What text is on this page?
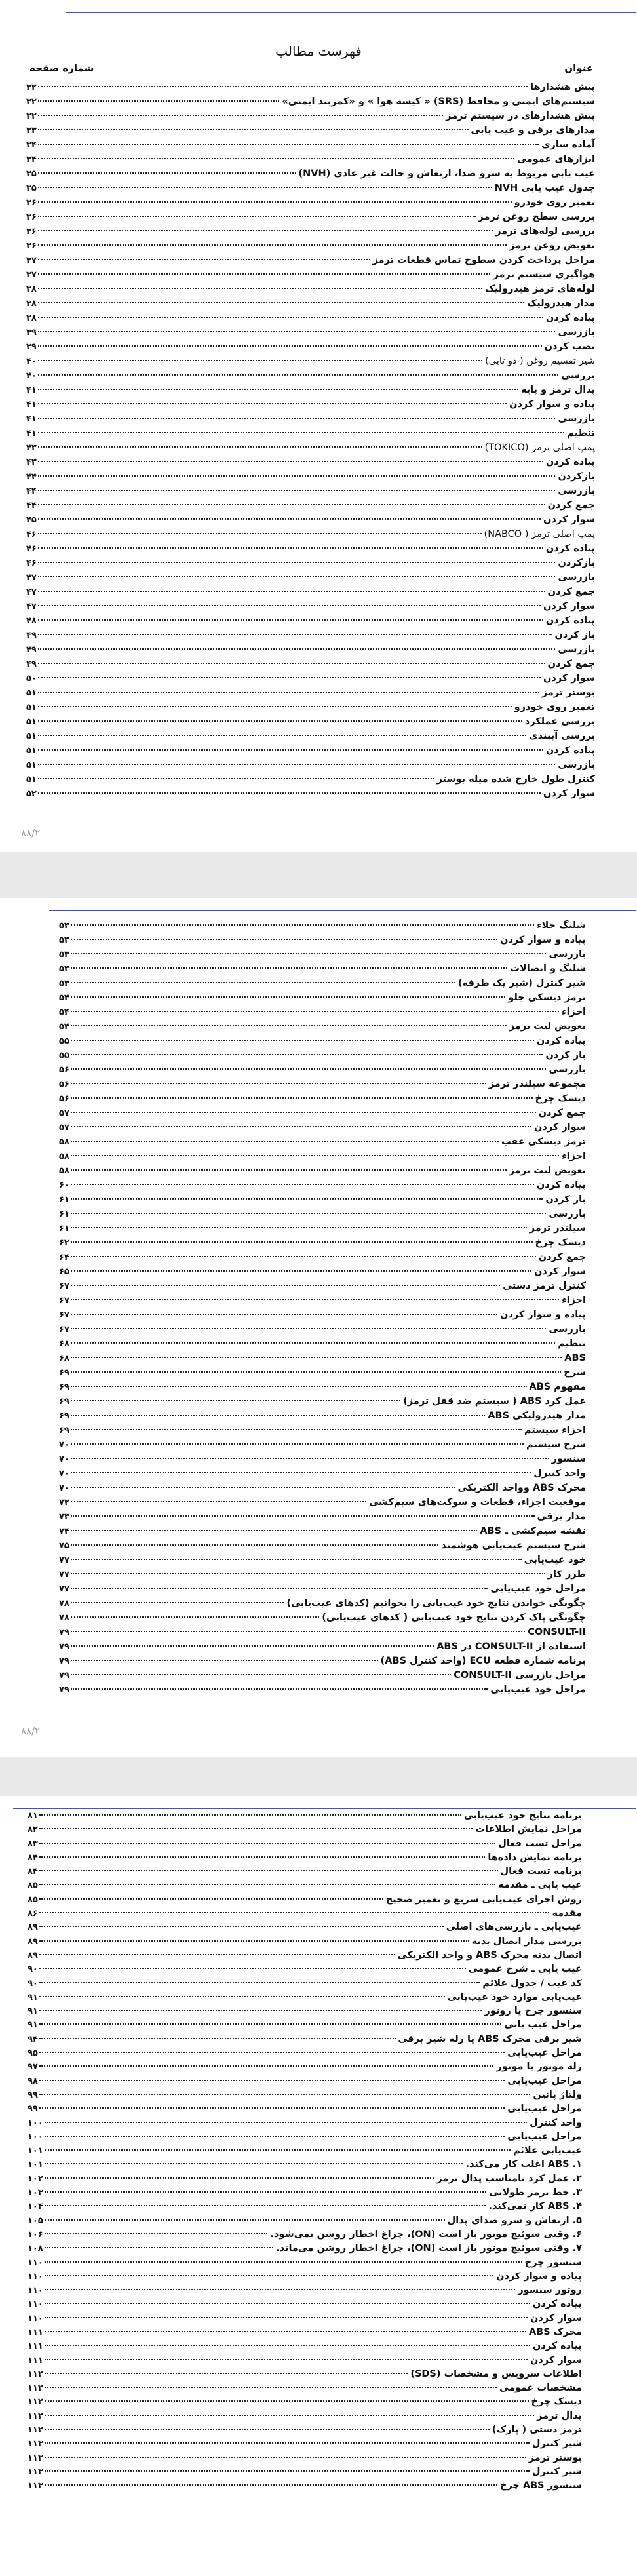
فهرست مطالب
عنوان
شماره صفحه
پیش هشدارها
۳۲
سیستم‌های ایمنی و محافظ (SRS) « کیسه هوا » و «کمربند ایمنی»
۳۲
پیش هشدارهای در سیستم ترمز
۳۲
مدارهای برقی و عیب یابی
۳۳
آماده سازی
۳۴
ابزارهای عمومی
۳۴
عیب یابی مربوط به سرو صدا، ارتعاش و حالت غیر عادی (NVH)
۳۵
جدول عیب یابی NVH
۳۵
تعمیر روی خودرو
۳۶
بررسی سطح روغن ترمز
۳۶
بررسی لوله‌های ترمز
۳۶
تعویض روغن ترمز
۳۶
مراحل پرداخت کردن سطوح تماس قطعات ترمز
۳۷
هواگیری سیستم ترمز
۳۷
لوله‌های ترمز هیدرولیک
۳۸
مدار هیدرولیک
۳۸
پیاده کردن
۳۸
بازرسی
۳۹
نصب کردن
۳۹
شیر تقسیم روغن ( دو تایی)
۴۰
بررسی
۴۰
پدال ترمز و پایه
۴۱
پیاده و سوار کردن
۴۱
بازرسی
۴۱
تنظیم
۴۱
پمپ اصلی ترمز (TOKICO)
۴۳
پیاده کردن
۴۳
بازکردن
۴۴
بازرسی
۴۴
جمع کردن
۴۴
سوار کردن
۴۵
پمپ اصلی ترمز ( NABCO)
۴۶
پیاده کردن
۴۶
بازکردن
۴۶
بازرسی
۴۷
جمع کردن
۴۷
سوار کردن
۴۷
پیاده کردن
۴۸
باز کردن
۴۹
بازرسی
۴۹
جمع کردن
۴۹
سوار کردن
۵۰
بوستر ترمز
۵۱
تعمیر روی خودرو
۵۱
بررسی عملکرد
۵۱
بررسی آببندی
۵۱
پیاده کردن
۵۱
بازرسی
۵۱
کنترل طول خارج شده میله بوستر
۵۱
سوار کردن
۵۲
۸۸/۲
شلنگ خلاء
۵۳
پیاده و سوار کردن
۵۳
بازرسی
۵۳
شلنگ و اتصالات
۵۳
شیر کنترل (شیر یک طرفه)
۵۳
ترمز دیسکی جلو
۵۴
اجزاء
۵۴
تعویض لنت ترمز
۵۴
پیاده کردن
۵۵
باز کردن
۵۵
بازرسی
۵۶
مجموعه سیلندر ترمز
۵۶
دیسک چرخ
۵۶
جمع کردن
۵۷
سوار کردن
۵۷
ترمز دیسکی عقب
۵۸
اجزاء
۵۸
تعویض لنت ترمز
۵۸
پیاده کردن
۶۰
باز کردن
۶۱
بازرسی
۶۱
سیلندر ترمز
۶۱
دیسک چرخ
۶۲
جمع کردن
۶۴
سوار کردن
۶۵
کنترل ترمز دستی
۶۷
اجزاء
۶۷
پیاده و سوار کردن
۶۷
بازرسی
۶۷
تنظیم
۶۸
ABS
۶۸
شرح
۶۹
مفهوم ABS
۶۹
عمل کرد ABS ( سیستم ضد قفل ترمز)
۶۹
مدار هیدرولیکی ABS
۶۹
اجزاء سیستم
۶۹
شرح سیستم
۷۰
سنسور
۷۰
واحد کنترل
۷۰
محرک ABS وواحد الکتریکی
۷۰
موقعیت اجزاء، قطعات و سوکت‌های سیم‌کشی
۷۲
مدار برقی
۷۳
نقشه سیم‌کشی ـ ABS
۷۴
شرح سیستم عیب‌یابی هوشمند
۷۵
خود عیب‌یابی
۷۷
طرز کار
۷۷
مراحل خود عیب‌یابی
۷۷
چگونگی خواندن نتایج خود عیب‌یابی را بخوانیم (کدهای عیب‌یابی)
۷۸
چگونگی پاک کردن نتایج خود عیب‌یابی ( کدهای عیب‌یابی)
۷۸
CONSULT-II
۷۹
استفاده از CONSULT-II در ABS
۷۹
برنامه شماره قطعه ECU (واحد کنترل ABS)
۷۹
مراحل بازرسی CONSULT-II
۷۹
مراحل خود عیب‌یابی
۷۹
۸۸/۲
برنامه نتایج خود عیب‌یابی
۸۱
مراحل نمایش اطلاعات
۸۲
مراحل تست فعال
۸۳
برنامه نمایش داده‌ها
۸۴
برنامه تست فعال
۸۴
عیب یابی ـ مقدمه
۸۵
روش اجرای عیب‌یابی سریع و تعمیر صحیح
۸۵
مقدمه
۸۶
عیب‌یابی ـ بازرسی‌های اصلی
۸۹
بررسی مدار اتصال بدنه
۸۹
اتصال بدنه محرک ABS و واحد الکتریکی
۸۹
عیب یابی ـ شرح عمومی
۹۰
کد عیب / جدول علائم
۹۰
عیب‌یابی موارد خود عیب‌یابی
۹۱
سنسور چرخ یا روتور
۹۱
مراحل عیب یابی
۹۱
شیر برقی محرک ABS یا رله شیر برقی
۹۴
مراحل عیب‌یابی
۹۵
رله موتور یا موتور
۹۷
مراحل عیب‌یابی
۹۸
ولتاژ پائین
۹۹
مراحل عیب‌یابی
۹۹
واحد کنترل
۱۰۰
مراحل عیب‌یابی
۱۰۰
عیب‌یابی علائم
۱۰۱
۱. ABS اغلب کار می‌کند.
۱۰۱
۲. عمل کرد نامناسب پدال ترمز
۱۰۲
۳. خط ترمز طولانی
۱۰۳
۴. ABS کار نمی‌کند.
۱۰۴
۵. ارتعاش و سرو صدای پدال
۱۰۵
۶. وقتی سوئیچ موتور باز است (ON)، چراغ اخطار روشن نمی‌شود.
۱۰۶
۷. وقتی سوئیچ موتور باز است (ON)، چراغ اخطار روشن می‌ماند.
۱۰۸
سنسور چرخ
۱۱۰
پیاده و سوار کردن
۱۱۰
روتور سنسور
۱۱۰
پیاده کردن
۱۱۰
سوار کردن
۱۱۰
محرک ABS
۱۱۱
پیاده کردن
۱۱۱
سوار کردن
۱۱۱
اطلاعات سرویس و مشخصات (SDS)
۱۱۲
مشخصات عمومی
۱۱۲
دیسک چرخ
۱۱۲
پدال ترمز
۱۱۲
ترمز دستی ( پارک)
۱۱۲
شیر کنترل
۱۱۳
بوستر ترمز
۱۱۳
شیر کنترل
۱۱۳
سنسور ABS چرخ
۱۱۳
